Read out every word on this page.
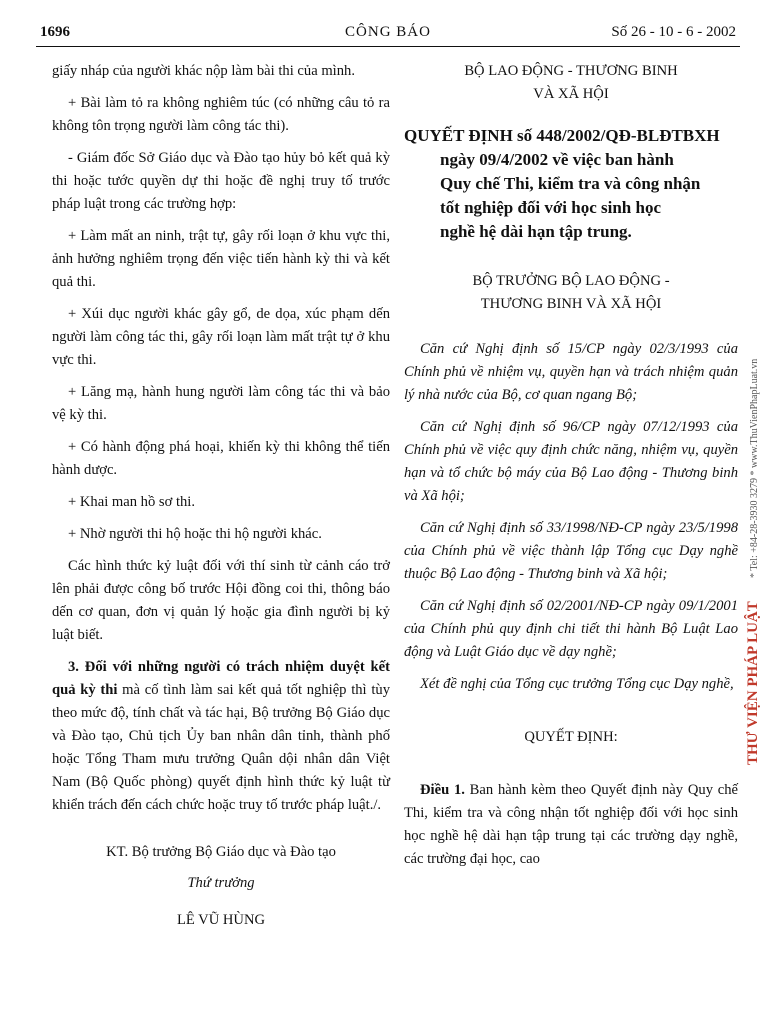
1696	CÔNG BÁO	Số 26 - 10 - 6 - 2002

giấy nháp của người khác nộp làm bài thi của mình.

+ Bài làm tỏ ra không nghiêm túc (có những câu tỏ ra không tôn trọng người làm công tác thi).

- Giám đốc Sở Giáo dục và Đào tạo hủy bỏ kết quả kỳ thi hoặc tước quyền dự thi hoặc đề nghị truy tố trước pháp luật trong các trường hợp:

+ Làm mất an ninh, trật tự, gây rối loạn ở khu vực thi, ảnh hưởng nghiêm trọng đến việc tiến hành kỳ thi và kết quả thi.

+ Xúi dục người khác gây gổ, de dọa, xúc phạm dến người làm công tác thi, gây rối loạn làm mất trật tự ở khu vực thi.

+ Lăng mạ, hành hung người làm công tác thi và bảo vệ kỳ thi.

+ Có hành động phá hoại, khiến kỳ thi không thể tiến hành dược.

+ Khai man hồ sơ thi.

+ Nhờ người thi hộ hoặc thi hộ người khác.

Các hình thức kỷ luật đối với thí sinh từ cảnh cáo trở lên phải được công bố trước Hội đồng coi thi, thông báo dến cơ quan, đơn vị quản lý hoặc gia đình người bị kỷ luật biết.

3. Đối với những người có trách nhiệm duyệt kết quả kỳ thi mà cố tình làm sai kết quả tốt nghiệp thì tùy theo mức độ, tính chất và tác hại, Bộ trưởng Bộ Giáo dục và Đào tạo, Chủ tịch Ủy ban nhân dân tỉnh, thành phố hoặc Tổng Tham mưu trưởng Quân dội nhân dân Việt Nam (Bộ Quốc phòng) quyết định hình thức kỷ luật từ khiển trách đến cách chức hoặc truy tố trước pháp luật./.

KT. Bộ trưởng Bộ Giáo dục và Đào tạo
Thứ trưởng
LÊ VŨ HÙNG

BỘ LAO ĐỘNG - THƯƠNG BINH

VÀ XÃ HỘI

QUYẾT ĐỊNH số 448/2002/QĐ-BLĐTBXH
ngày 09/4/2002 về việc ban hành
Quy chế Thi, kiểm tra và công nhận
tốt nghiệp đối với học sinh học
nghề hệ dài hạn tập trung.

BỘ TRƯỞNG BỘ LAO ĐỘNG -

THƯƠNG BINH VÀ XÃ HỘI

Căn cứ Nghị định số 15/CP ngày 02/3/1993 của Chính phủ về nhiệm vụ, quyền hạn và trách nhiệm quản lý nhà nước của Bộ, cơ quan ngang Bộ;

Căn cứ Nghị định số 96/CP ngày 07/12/1993 của Chính phủ về việc quy định chức năng, nhiệm vụ, quyền hạn và tổ chức bộ máy của Bộ Lao động - Thương binh và Xã hội;

Căn cứ Nghị định số 33/1998/NĐ-CP ngày 23/5/1998 của Chính phủ về việc thành lập Tổng cục Dạy nghề thuộc Bộ Lao động - Thương binh và Xã hội;

Căn cứ Nghị định số 02/2001/NĐ-CP ngày 09/1/2001 của Chính phủ quy định chi tiết thi hành Bộ Luật Lao động và Luật Giáo dục về dạy nghề;

Xét đề nghị của Tổng cục trưởng Tổng cục Dạy nghề,

QUYẾT ĐỊNH:

Điều 1. Ban hành kèm theo Quyết định này Quy chế Thi, kiểm tra và công nhận tốt nghiệp đối với học sinh học nghề hệ dài hạn tập trung tại các trường dạy nghề, các trường đại học, cao

THƯ VIỆN PHÁP LUẬT
* Tel: +84-28-3930 3279 * www.ThuVienPhapLuat.vn
